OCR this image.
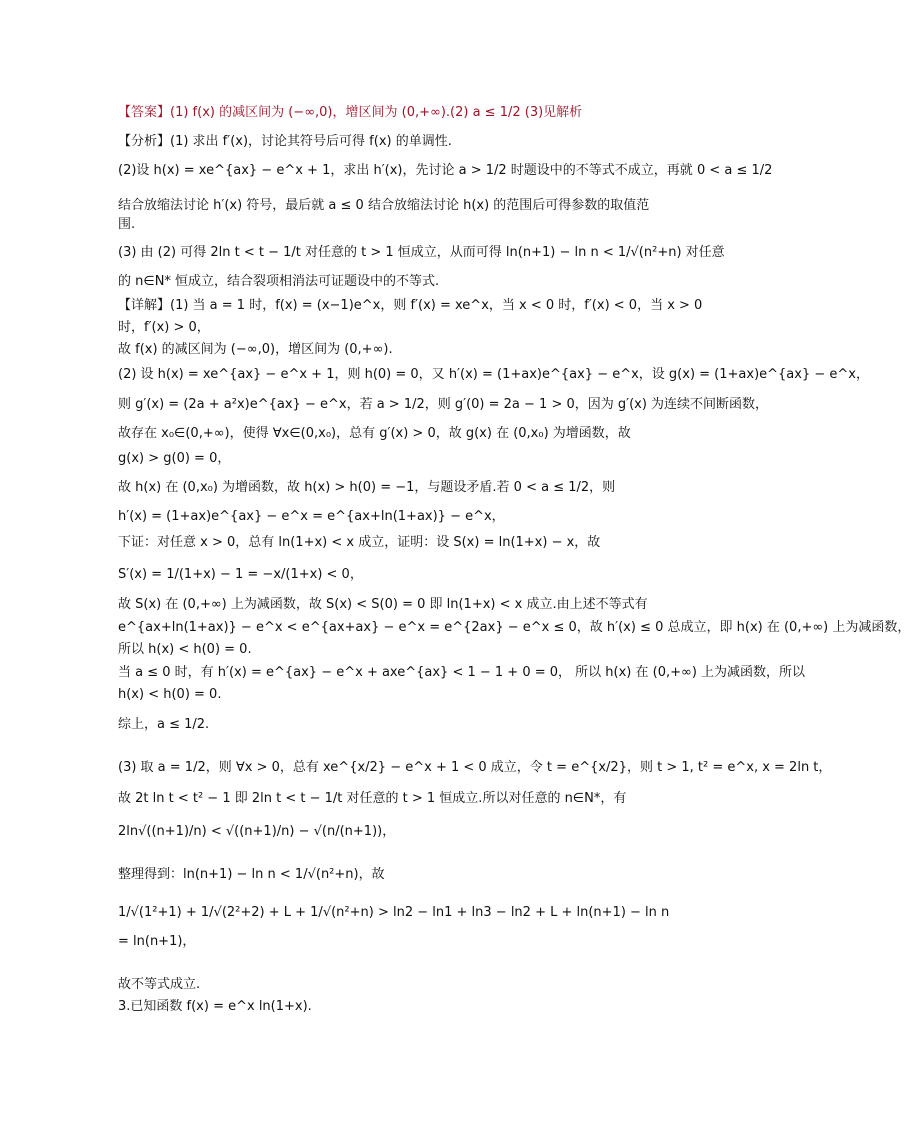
【答案】(1) f(x) 的减区间为 (−∞,0)，增区间为 (0,+∞).(2) a ≤ 1/2 (3)见解析
【分析】(1) 求出 f′(x)，讨论其符号后可得 f(x) 的单调性.
(2)设 h(x) = xe^{ax} − e^x + 1，求出 h′(x)，先讨论 a > 1/2 时题设中的不等式不成立，再就 0 < a ≤ 1/2
结合放缩法讨论 h′(x) 符号，最后就 a ≤ 0 结合放缩法讨论 h(x) 的范围后可得参数的取值范
围.
(3) 由 (2) 可得 2ln t < t − 1/t 对任意的 t > 1 恒成立，从而可得 ln(n+1) − ln n < 1/√(n²+n) 对任意
的 n∈N* 恒成立，结合裂项相消法可证题设中的不等式.
【详解】(1) 当 a = 1 时，f(x) = (x−1)e^x，则 f′(x) = xe^x，当 x < 0 时，f′(x) < 0，当 x > 0
时，f′(x) > 0，
故 f(x) 的减区间为 (−∞,0)，增区间为 (0,+∞).
(2) 设 h(x) = xe^{ax} − e^x + 1，则 h(0) = 0，又 h′(x) = (1+ax)e^{ax} − e^x，设 g(x) = (1+ax)e^{ax} − e^x，
则 g′(x) = (2a + a²x)e^{ax} − e^x，若 a > 1/2，则 g′(0) = 2a − 1 > 0，因为 g′(x) 为连续不间断函数，
故存在 x₀∈(0,+∞)，使得 ∀x∈(0,x₀)，总有 g′(x) > 0，故 g(x) 在 (0,x₀) 为增函数，故
g(x) > g(0) = 0，
故 h(x) 在 (0,x₀) 为增函数，故 h(x) > h(0) = −1，与题设矛盾.若 0 < a ≤ 1/2，则
h′(x) = (1+ax)e^{ax} − e^x = e^{ax+ln(1+ax)} − e^x，
下证：对任意 x > 0，总有 ln(1+x) < x 成立，证明：设 S(x) = ln(1+x) − x，故
S′(x) = 1/(1+x) − 1 = −x/(1+x) < 0，
故 S(x) 在 (0,+∞) 上为减函数，故 S(x) < S(0) = 0 即 ln(1+x) < x 成立.由上述不等式有
e^{ax+ln(1+ax)} − e^x < e^{ax+ax} − e^x = e^{2ax} − e^x ≤ 0，故 h′(x) ≤ 0 总成立，即 h(x) 在 (0,+∞) 上为减函数，
所以 h(x) < h(0) = 0.
当 a ≤ 0 时，有 h′(x) = e^{ax} − e^x + axe^{ax} < 1 − 1 + 0 = 0， 所以 h(x) 在 (0,+∞) 上为减函数，所以
h(x) < h(0) = 0.
综上，a ≤ 1/2.
(3) 取 a = 1/2，则 ∀x > 0，总有 xe^{x/2} − e^x + 1 < 0 成立，令 t = e^{x/2}，则 t > 1, t² = e^x, x = 2ln t，
故 2t ln t < t² − 1 即 2ln t < t − 1/t 对任意的 t > 1 恒成立.所以对任意的 n∈N*，有
2ln√((n+1)/n) < √((n+1)/n) − √(n/(n+1))，
整理得到：ln(n+1) − ln n < 1/√(n²+n)，故
1/√(1²+1) + 1/√(2²+2) + L + 1/√(n²+n) > ln2 − ln1 + ln3 − ln2 + L + ln(n+1) − ln n
= ln(n+1)，
故不等式成立.
3.已知函数 f(x) = e^x ln(1+x).
